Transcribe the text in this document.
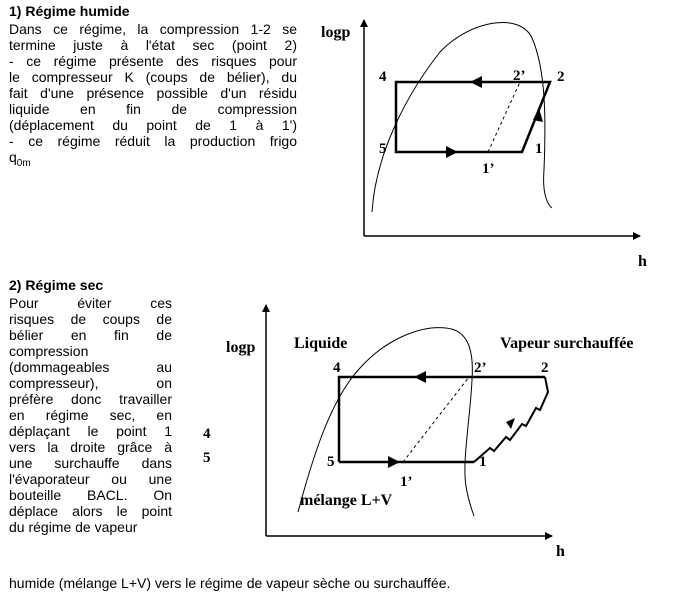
1) Régime humide
Dans ce régime, la compression 1-2 se
termine juste à l'état sec (point 2)
- ce régime présente des risques pour
le compresseur K (coups de bélier), du
fait d'une présence possible d'un résidu
liquide en fin de compression
(déplacement du point de 1 à 1')
- ce régime réduit la production frigo
$q_{0m}$
2) Régime sec
Pour éviter ces
risques de coups de
bélier en fin de
compression
(dommageables au
compresseur), on
préfère donc travailler
en régime sec, en
déplaçant le point 1
vers la droite grâce à
une surchauffe dans
l'évaporateur ou une
bouteille BACL. On
déplace alors le point
du régime de vapeur
humide (mélange L+V) vers le régime de vapeur sèche ou surchauffée.
4
5
logp
h
4
5
2
2’
1
1’
logp
h
Liquide	Vapeur surchauffée
mélange L+V
4
5
2
2’
1
1’
